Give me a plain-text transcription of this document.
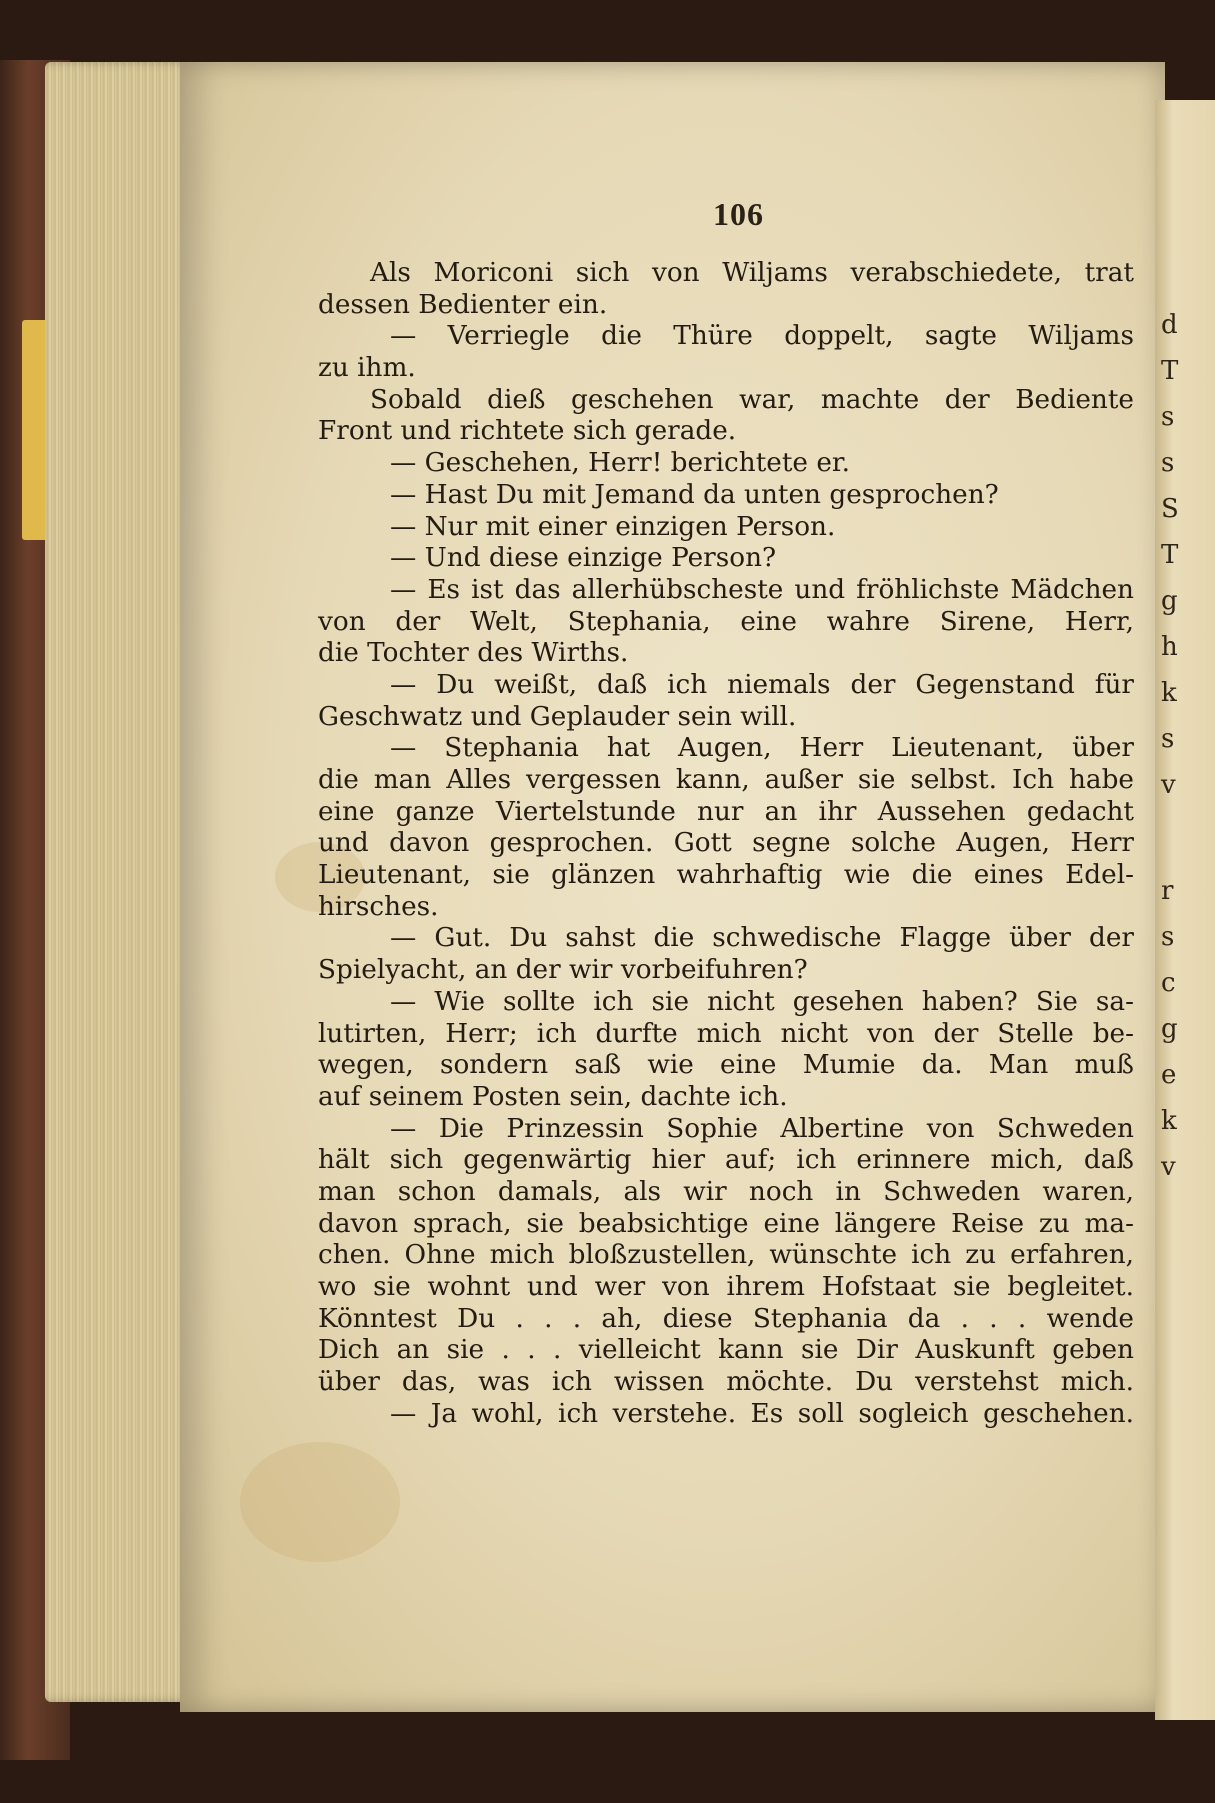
d
T
s
s
S
T
g
h
k
s
v
r
s
c
g
e
k
v
106
Als Moriconi sich von Wiljams verabschiedete, trat
dessen Bedienter ein.
— Verriegle die Thüre doppelt, sagte Wiljams
zu ihm.
Sobald dieß geschehen war, machte der Bediente
Front und richtete sich gerade.
— Geschehen, Herr! berichtete er.
— Hast Du mit Jemand da unten gesprochen?
— Nur mit einer einzigen Person.
— Und diese einzige Person?
— Es ist das allerhübscheste und fröhlichste Mädchen
von der Welt, Stephania, eine wahre Sirene, Herr,
die Tochter des Wirths.
— Du weißt, daß ich niemals der Gegenstand für
Geschwatz und Geplauder sein will.
— Stephania hat Augen, Herr Lieutenant, über
die man Alles vergessen kann, außer sie selbst. Ich habe
eine ganze Viertelstunde nur an ihr Aussehen gedacht
und davon gesprochen. Gott segne solche Augen, Herr
Lieutenant, sie glänzen wahrhaftig wie die eines Edel-
hirsches.
— Gut. Du sahst die schwedische Flagge über der
Spielyacht, an der wir vorbeifuhren?
— Wie sollte ich sie nicht gesehen haben? Sie sa-
lutirten, Herr; ich durfte mich nicht von der Stelle be-
wegen, sondern saß wie eine Mumie da. Man muß
auf seinem Posten sein, dachte ich.
— Die Prinzessin Sophie Albertine von Schweden
hält sich gegenwärtig hier auf; ich erinnere mich, daß
man schon damals, als wir noch in Schweden waren,
davon sprach, sie beabsichtige eine längere Reise zu ma-
chen. Ohne mich bloßzustellen, wünschte ich zu erfahren,
wo sie wohnt und wer von ihrem Hofstaat sie begleitet.
Könntest Du . . . ah, diese Stephania da . . . wende
Dich an sie . . . vielleicht kann sie Dir Auskunft geben
über das, was ich wissen möchte. Du verstehst mich.
— Ja wohl, ich verstehe. Es soll sogleich geschehen.
